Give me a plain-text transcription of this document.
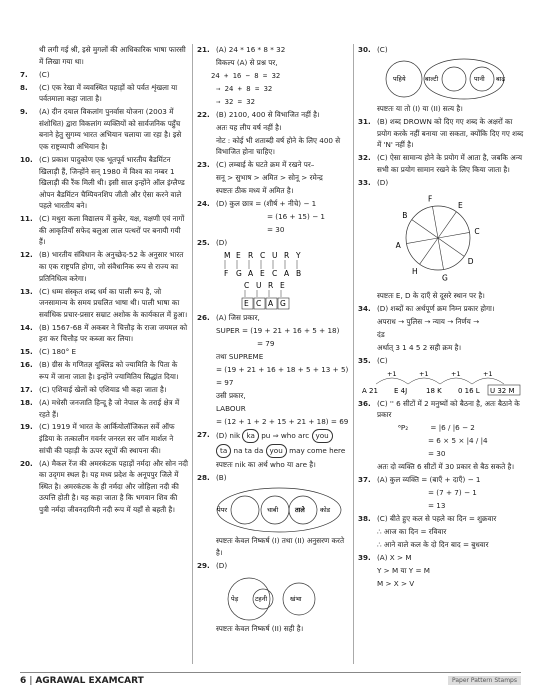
थी लगी गई श्री, इसे मुगलों की आधिकारिक भाषा फारसी में लिखा गया था।
7.	(C)
8.	(C) एक रेखा में व्यवस्थित पहाड़ों को पर्वत शृंखला या पर्वतमाला कहा जाता है।
9.	(A) दीन दयाल विकलांग पुनर्वास योजना (2003 में संशोधित) द्वारा विकलांग व्यक्तियों को सार्वजनिक पहुँच बनाने हेतु सुगम्य भारत अभियान चलाया जा रहा है। इसे एक राष्ट्रव्यापी अभियान है।
10. (C) प्रकाश पादुकोण एक भूतपूर्व भारतीय बैडमिंटन खिलाड़ी हैं, जिन्होंने सन् 1980 में विश्व का नम्बर 1 खिलाड़ी की रैंक मिली थी। इसी साल इन्होंने ऑल इंग्लैण्ड ओपन बैडमिंटन चैम्पियनशिप जीती और ऐसा करने वाले पहले भारतीय बने।
11. (C) मथुरा कला विद्यालय में कुबेर, यक्ष, यक्षणी एवं नागों की आकृतियाँ सफेद बलुआ लाल पत्थरों पर बनायी गयी हैं।
12. (B) भारतीय संविधान के अनुच्छेद-52 के अनुसार भारत का एक राष्ट्रपति होगा, जो संवैधानिक रूप से राज्य का प्रतिनिधित्व करेगा।
13. (C) धम्म संस्कृत शब्द धर्म का पाली रूप है, जो जनसामान्य के समय प्रचलित भाषा थी। पाली भाषा का सर्वाधिक प्रचार-प्रसार सम्राट अशोक के कार्यकाल में हुआ।
14. (B) 1567-68 में अकबर ने चित्तौड़ के राजा जयमल को हरा कर चित्तौड़ पर कब्जा कर लिया।
15. (C) 180° E
16. (B) ग्रीस के गणितज्ञ यूक्लिड को ज्यामिति के पिता के रूप में जाना जाता है। इन्होंने ज्यामितिय सिद्धांत दिया।
17. (C) एशियाई खेलों को एशियाड भी कहा जाता है।
18. (A) मधेसी जनजाति हिन्दू है जो नेपाल के तराई क्षेत्र में रहते हैं।
19. (C) 1919 में भारत के आर्कियोलॉजिकल सर्वे ऑफ इंडिया के तत्कालीन गवर्नर जनरल सर जॉन मार्शल ने सांची की पहाड़ी के ऊपर स्तूपों की स्थापना की।
20. (A) मैकल रेंज की अमरकंटक पहाड़ों नर्मदा और सोन नदी का उद्‌गम स्थल है। यह मध्य प्रदेश के अनूपपुर जिले में स्थित है। अमरकंटक के ही नर्मदा और जोहिला नदी की उत्पत्ति होती है। यह कहा जाता है कि भगवान शिव की पुत्री नर्मदा जीवनदायिनी नदी रूप में यहाँ से बहती है।
21. (A) 24 * 16 * 8 * 32
विकल्प (A) से प्रश्न पर,
24 + 16 − 8 = 32
⇒ 24 + 8 = 32
⇒ 32 = 32
22. (B) 2100, 400 से विभाजित नहीं है।
अतः यह लीप वर्ष नहीं है।
नोट : कोई भी शताब्दी वर्ष होने के लिए 400 से विभाजित होना चाहिए।
23. (C) लम्बाई के घटते क्रम में रखने पर–
सनू > सुभाष > अमित > सोनू > रमेन्द्र
स्पष्टतः ठीक मध्य में अमित है।
24. (D) कुल छात्र = (शीर्ष + नीचे) − 1
= (16 + 15) − 1
= 30
25. (D)
M E R C U R Y
F G A E C A B
C U R E
E C A G
26. (A) जिस प्रकार,
SUPER = (19 + 21 + 16 + 5 + 18)
= 79
तथा SUPREME
= (19 + 21 + 16 + 18 + 5 + 13 + 5)
= 97
उसी प्रकार,
LABOUR
= (12 + 1 + 2 + 15 + 21 + 18) = 69
27. (D) nik ka pu ⇒ who arc you
ta na ta da you may come here
स्पष्टतः nik का अर्थ who या are है।
28. (B)
पेपर	चाबी	ताले कोड
स्पष्टतः केवल निष्कर्ष (I) तथा (II) अनुसरण करते है।
29. (D)
पेड़	टहनी	खंभा
स्पष्टतः केवल निष्कर्ष (II) सही है।
30. (C)
पहिये	बाल्टी	पानी बाढ़
स्पष्टतः या तो (I) या (II) सत्य है।
31. (B) शब्द DROWN को दिए गए शब्द के अक्षरों का प्रयोग करके नहीं बनाया जा सकता, क्योंकि दिए गए शब्द में 'N' नहीं है।
32. (C) ऐसा सामान्य होने के प्रयोग में आता है, जबकि अन्य सभी का प्रयोग सामान रखने के लिए किया जाता है।
33. (D)
F
E
C
D
G
H
A
B
स्पष्टतः E, D के दाएँ से दूसरे स्थान पर है।
34. (D) शब्दों का अर्थपूर्ण क्रम निम्न प्रकार होगा।
अपराध → पुलिस → न्याय → निर्णय →
दंड
अर्थात् 3 1 4 5 2 सही क्रम है।
35. (C)
A 21 E 4J	18 K 0 16 L U 32 M
+1	+1	+1	+1
36. (C) '' 6 सीटों में 2 मनुष्यों को बैठना है, अतः बैठाने के प्रकार
⁶P₂	= |6 / |6 − 2
= 6 × 5 × |4 / |4
= 30
अतः दो व्यक्ति 6 सीटों में 30 प्रकार से बैठ सकते है।
37. (A) कुल व्यक्ति = (बाएँ + दाएँ) − 1
= (7 + 7) − 1
= 13
38. (C) बीते हुए कल से पहले का दिन = शुक्रवार
∴ आज का दिन = रविवार
∴ आने वाले कल के दो दिन बाद = बुधवार
39. (A) X > M
Y > M या Y = M
M > X > V
6 | AGRAWAL EXAMCART	Paper Pattern Stamps
